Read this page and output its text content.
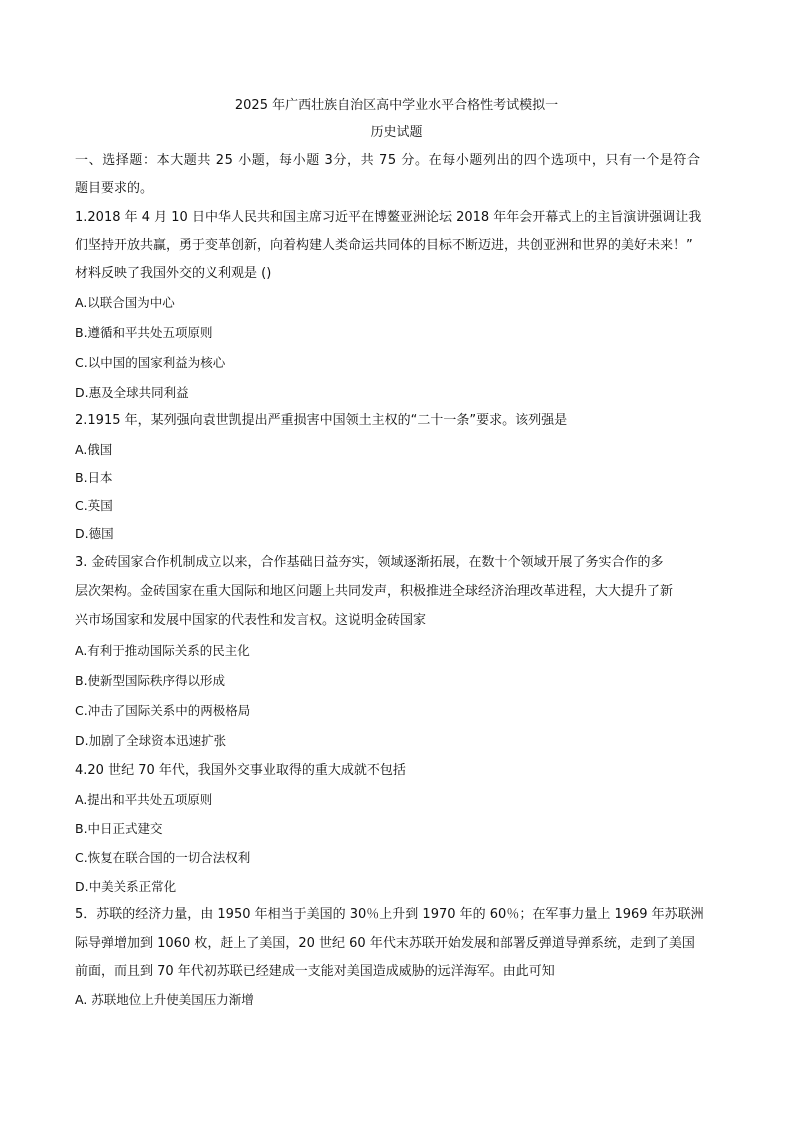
2025 年广西壮族自治区高中学业水平合格性考试模拟一
历史试题
一、选择题：本大题共 25 小题，每小题 3分，共 75 分。在每小题列出的四个选项中，只有一个是符合
题目要求的。
1.2018 年 4 月 10 日中华人民共和国主席习近平在博鳌亚洲论坛 2018 年年会开幕式上的主旨演讲强调让我
们坚持开放共赢，勇于变革创新，向着构建人类命运共同体的目标不断迈进，共创亚洲和世界的美好未来！”
材料反映了我国外交的义利观是 ()
A.以联合国为中心
B.遵循和平共处五项原则
C.以中国的国家利益为核心
D.惠及全球共同利益
2.1915 年，某列强向袁世凯提出严重损害中国领土主权的“二十一条”要求。该列强是
A.俄国
B.日本
C.英国
D.德国
3. 金砖国家合作机制成立以来，合作基础日益夯实，领域逐渐拓展，在数十个领域开展了务实合作的多
层次架构。金砖国家在重大国际和地区问题上共同发声，积极推进全球经济治理改革进程，大大提升了新
兴市场国家和发展中国家的代表性和发言权。这说明金砖国家
A.有利于推动国际关系的民主化
B.使新型国际秩序得以形成
C.冲击了国际关系中的两极格局
D.加剧了全球资本迅速扩张
4.20 世纪 70 年代，我国外交事业取得的重大成就不包括
A.提出和平共处五项原则
B.中日正式建交
C.恢复在联合国的一切合法权利
D.中美关系正常化
5．苏联的经济力量，由 1950 年相当于美国的 30％上升到 1970 年的 60％；在军事力量上 1969 年苏联洲
际导弹增加到 1060 枚，赶上了美国，20 世纪 60 年代末苏联开始发展和部署反弹道导弹系统，走到了美国
前面，而且到 70 年代初苏联已经建成一支能对美国造成威胁的远洋海军。由此可知
A. 苏联地位上升使美国压力渐增
